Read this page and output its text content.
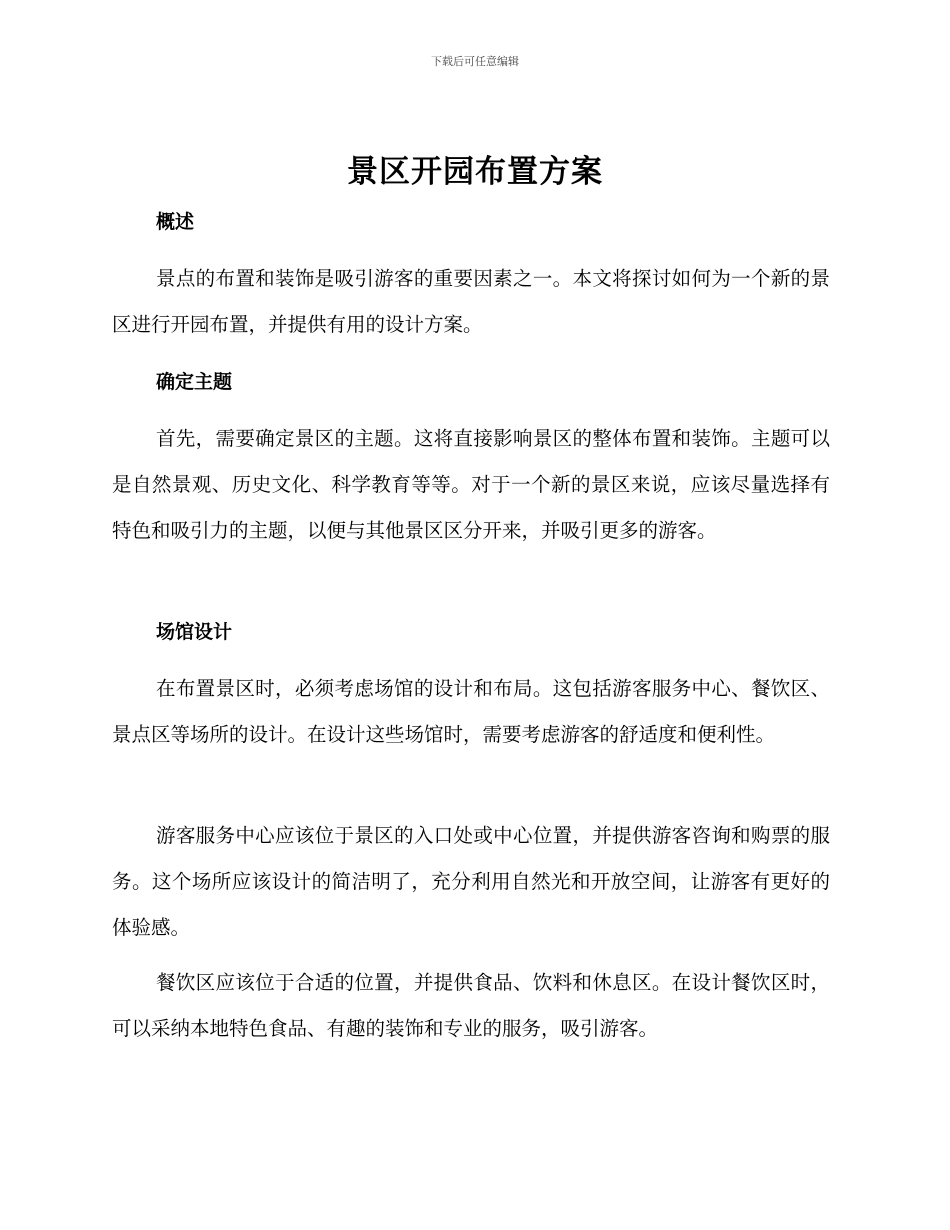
下载后可任意编辑
景区开园布置方案
概述

景点的布置和装饰是吸引游客的重要因素之一。本文将探讨如何为一个新的景区进行开园布置，并提供有用的设计方案。

确定主题

首先，需要确定景区的主题。这将直接影响景区的整体布置和装饰。主题可以是自然景观、历史文化、科学教育等等。对于一个新的景区来说，应该尽量选择有特色和吸引力的主题，以便与其他景区区分开来，并吸引更多的游客。

场馆设计

在布置景区时，必须考虑场馆的设计和布局。这包括游客服务中心、餐饮区、景点区等场所的设计。在设计这些场馆时，需要考虑游客的舒适度和便利性。

游客服务中心应该位于景区的入口处或中心位置，并提供游客咨询和购票的服务。这个场所应该设计的简洁明了，充分利用自然光和开放空间，让游客有更好的体验感。

餐饮区应该位于合适的位置，并提供食品、饮料和休息区。在设计餐饮区时，可以采纳本地特色食品、有趣的装饰和专业的服务，吸引游客。
